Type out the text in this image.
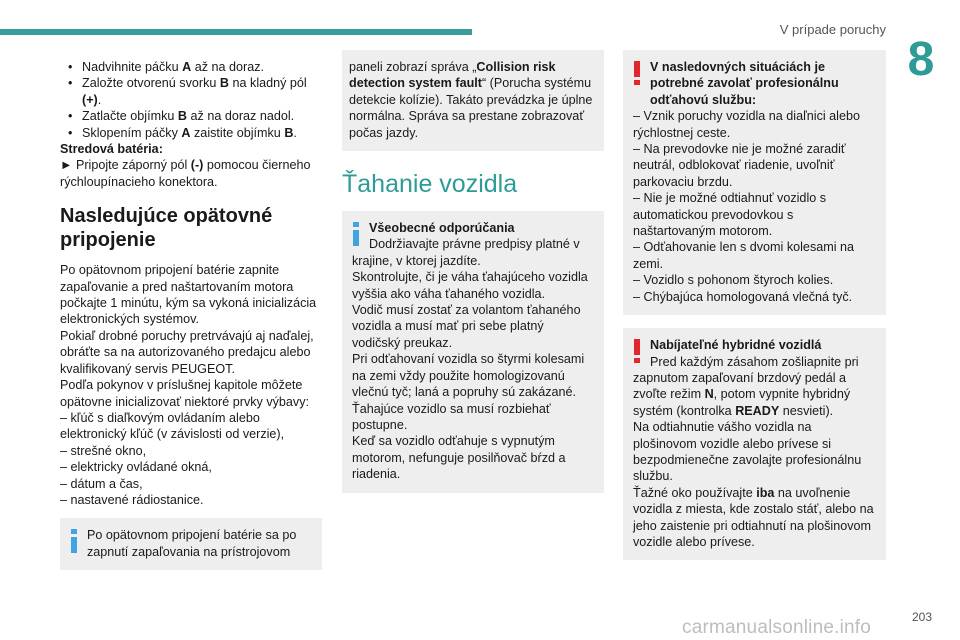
V prípade poruchy
8
• Nadvihnite páčku A až na doraz.
• Založte otvorenú svorku B na kladný pól (+).
• Zatlačte objímku B až na doraz nadol.
• Sklopením páčky A zaistite objímku B.

Stredová batéria:

► Pripojte záporný pól (-) pomocou čierneho rýchloupínacieho konektora.

Nasledujúce opätovné pripojenie

Po opätovnom pripojení batérie zapnite zapaľovanie a pred naštartovaním motora počkajte 1 minútu, kým sa vykoná inicializácia elektronických systémov.

Pokiaľ drobné poruchy pretrvávajú aj naďalej, obráťte sa na autorizovaného predajcu alebo kvalifikovaný servis PEUGEOT.

Podľa pokynov v príslušnej kapitole môžete opätovne inicializovať niektoré prvky výbavy:

– kľúč s diaľkovým ovládaním alebo elektronický kľúč (v závislosti od verzie),

– strešné okno,

– elektricky ovládané okná,

– dátum a čas,

– nastavené rádiostanice.

Po opätovnom pripojení batérie sa po zapnutí zapaľovania na prístrojovom

paneli zobrazí správa „Collision risk detection system fault“ (Porucha systému detekcie kolízie). Takáto prevádzka je úplne normálna. Správa sa prestane zobrazovať počas jazdy.

Ťahanie vozidla
Všeobecné odporúčania

Dodržiavajte právne predpisy platné v krajine, v ktorej jazdíte.

Skontrolujte, či je váha ťahajúceho vozidla vyššia ako váha ťahaného vozidla.

Vodič musí zostať za volantom ťahaného vozidla a musí mať pri sebe platný vodičský preukaz.

Pri odťahovaní vozidla so štyrmi kolesami na zemi vždy použite homologizovanú vlečnú tyč; laná a popruhy sú zakázané.

Ťahajúce vozidlo sa musí rozbiehať postupne.

Keď sa vozidlo odťahuje s vypnutým motorom, nefunguje posilňovač bŕzd a riadenia.

V nasledovných situáciách je potrebné zavolať profesionálnu odťahovú službu:

– Vznik poruchy vozidla na diaľnici alebo rýchlostnej ceste.

– Na prevodovke nie je možné zaradiť neutrál, odblokovať riadenie, uvoľniť parkovaciu brzdu.

– Nie je možné odtiahnuť vozidlo s automatickou prevodovkou s naštartovaným motorom.

– Odťahovanie len s dvomi kolesami na zemi.

– Vozidlo s pohonom štyroch kolies.

– Chýbajúca homologovaná vlečná tyč.

Nabíjateľné hybridné vozidlá

Pred každým zásahom zošliapnite pri zapnutom zapaľovaní brzdový pedál a zvoľte režim N, potom vypnite hybridný systém (kontrolka READY nesvieti).

Na odtiahnutie vášho vozidla na plošinovom vozidle alebo prívese si bezpodmienečne zavolajte profesionálnu službu.

Ťažné oko používajte iba na uvoľnenie vozidla z miesta, kde zostalo stáť, alebo na jeho zaistenie pri odtiahnutí na plošinovom vozidle alebo prívese.

203
carmanualsonline.info
